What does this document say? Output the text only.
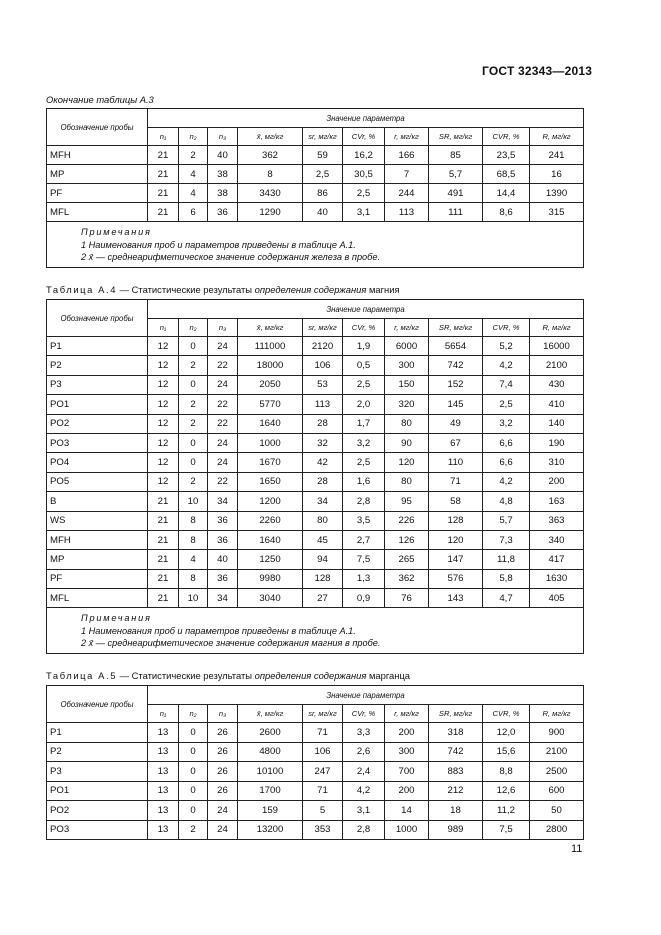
ГОСТ 32343—2013
Окончание таблицы А.3
Обозначение пробы	Значение параметра									
	n₁	n₂	n₃	x̄, мг/кг	sr, мг/кг	CVr, %	r, мг/кг	SR, мг/кг	CVR, %	R, мг/кг
MFH	21	2	40	362	59	16,2	166	85	23,5	241
MP	21	4	38	8	2,5	30,5	7	5,7	68,5	16
PF	21	4	38	3430	86	2,5	244	491	14,4	1390
MFL	21	6	36	1290	40	3,1	113	111	8,6	315

Примечания
1 Наименования проб и параметров приведены в таблице А.1.
2 x̄ — среднеарифметическое значение содержания железа в пробе.										
Таблица А.4 — Статистические результаты определения содержания магния
Обозначение пробы	Значение параметра									
	n₁	n₂	n₃	x̄, мг/кг	sr, мг/кг	CVr, %	r, мг/кг	SR, мг/кг	CVR, %	R, мг/кг
P1	12	0	24	111000	2120	1,9	6000	5654	5,2	16000
P2	12	2	22	18000	106	0,5	300	742	4,2	2100
P3	12	0	24	2050	53	2,5	150	152	7,4	430
PO1	12	2	22	5770	113	2,0	320	145	2,5	410
PO2	12	2	22	1640	28	1,7	80	49	3,2	140
PO3	12	0	24	1000	32	3,2	90	67	6,6	190
PO4	12	0	24	1670	42	2,5	120	110	6,6	310
PO5	12	2	22	1650	28	1,6	80	71	4,2	200
B	21	10	34	1200	34	2,8	95	58	4,8	163
WS	21	8	36	2260	80	3,5	226	128	5,7	363
MFH	21	8	36	1640	45	2,7	126	120	7,3	340
MP	21	4	40	1250	94	7,5	265	147	11,8	417
PF	21	8	36	9980	128	1,3	362	576	5,8	1630
MFL	21	10	34	3040	27	0,9	76	143	4,7	405

Примечания
1 Наименования проб и параметров приведены в таблице А.1.
2 x̄ — среднеарифметическое значение содержания магния в пробе.										
Таблица А.5 — Статистические результаты определения содержания марганца
Обозначение пробы	Значение параметра									
	n₁	n₂	n₃	x̄, мг/кг	sr, мг/кг	CVr, %	r, мг/кг	SR, мг/кг	CVR, %	R, мг/кг
P1	13	0	26	2600	71	3,3	200	318	12,0	900
P2	13	0	26	4800	106	2,6	300	742	15,6	2100
P3	13	0	26	10100	247	2,4	700	883	8,8	2500
PO1	13	0	26	1700	71	4,2	200	212	12,6	600
PO2	13	0	24	159	5	3,1	14	18	11,2	50
PO3	13	2	24	13200	353	2,8	1000	989	7,5	2800
11
